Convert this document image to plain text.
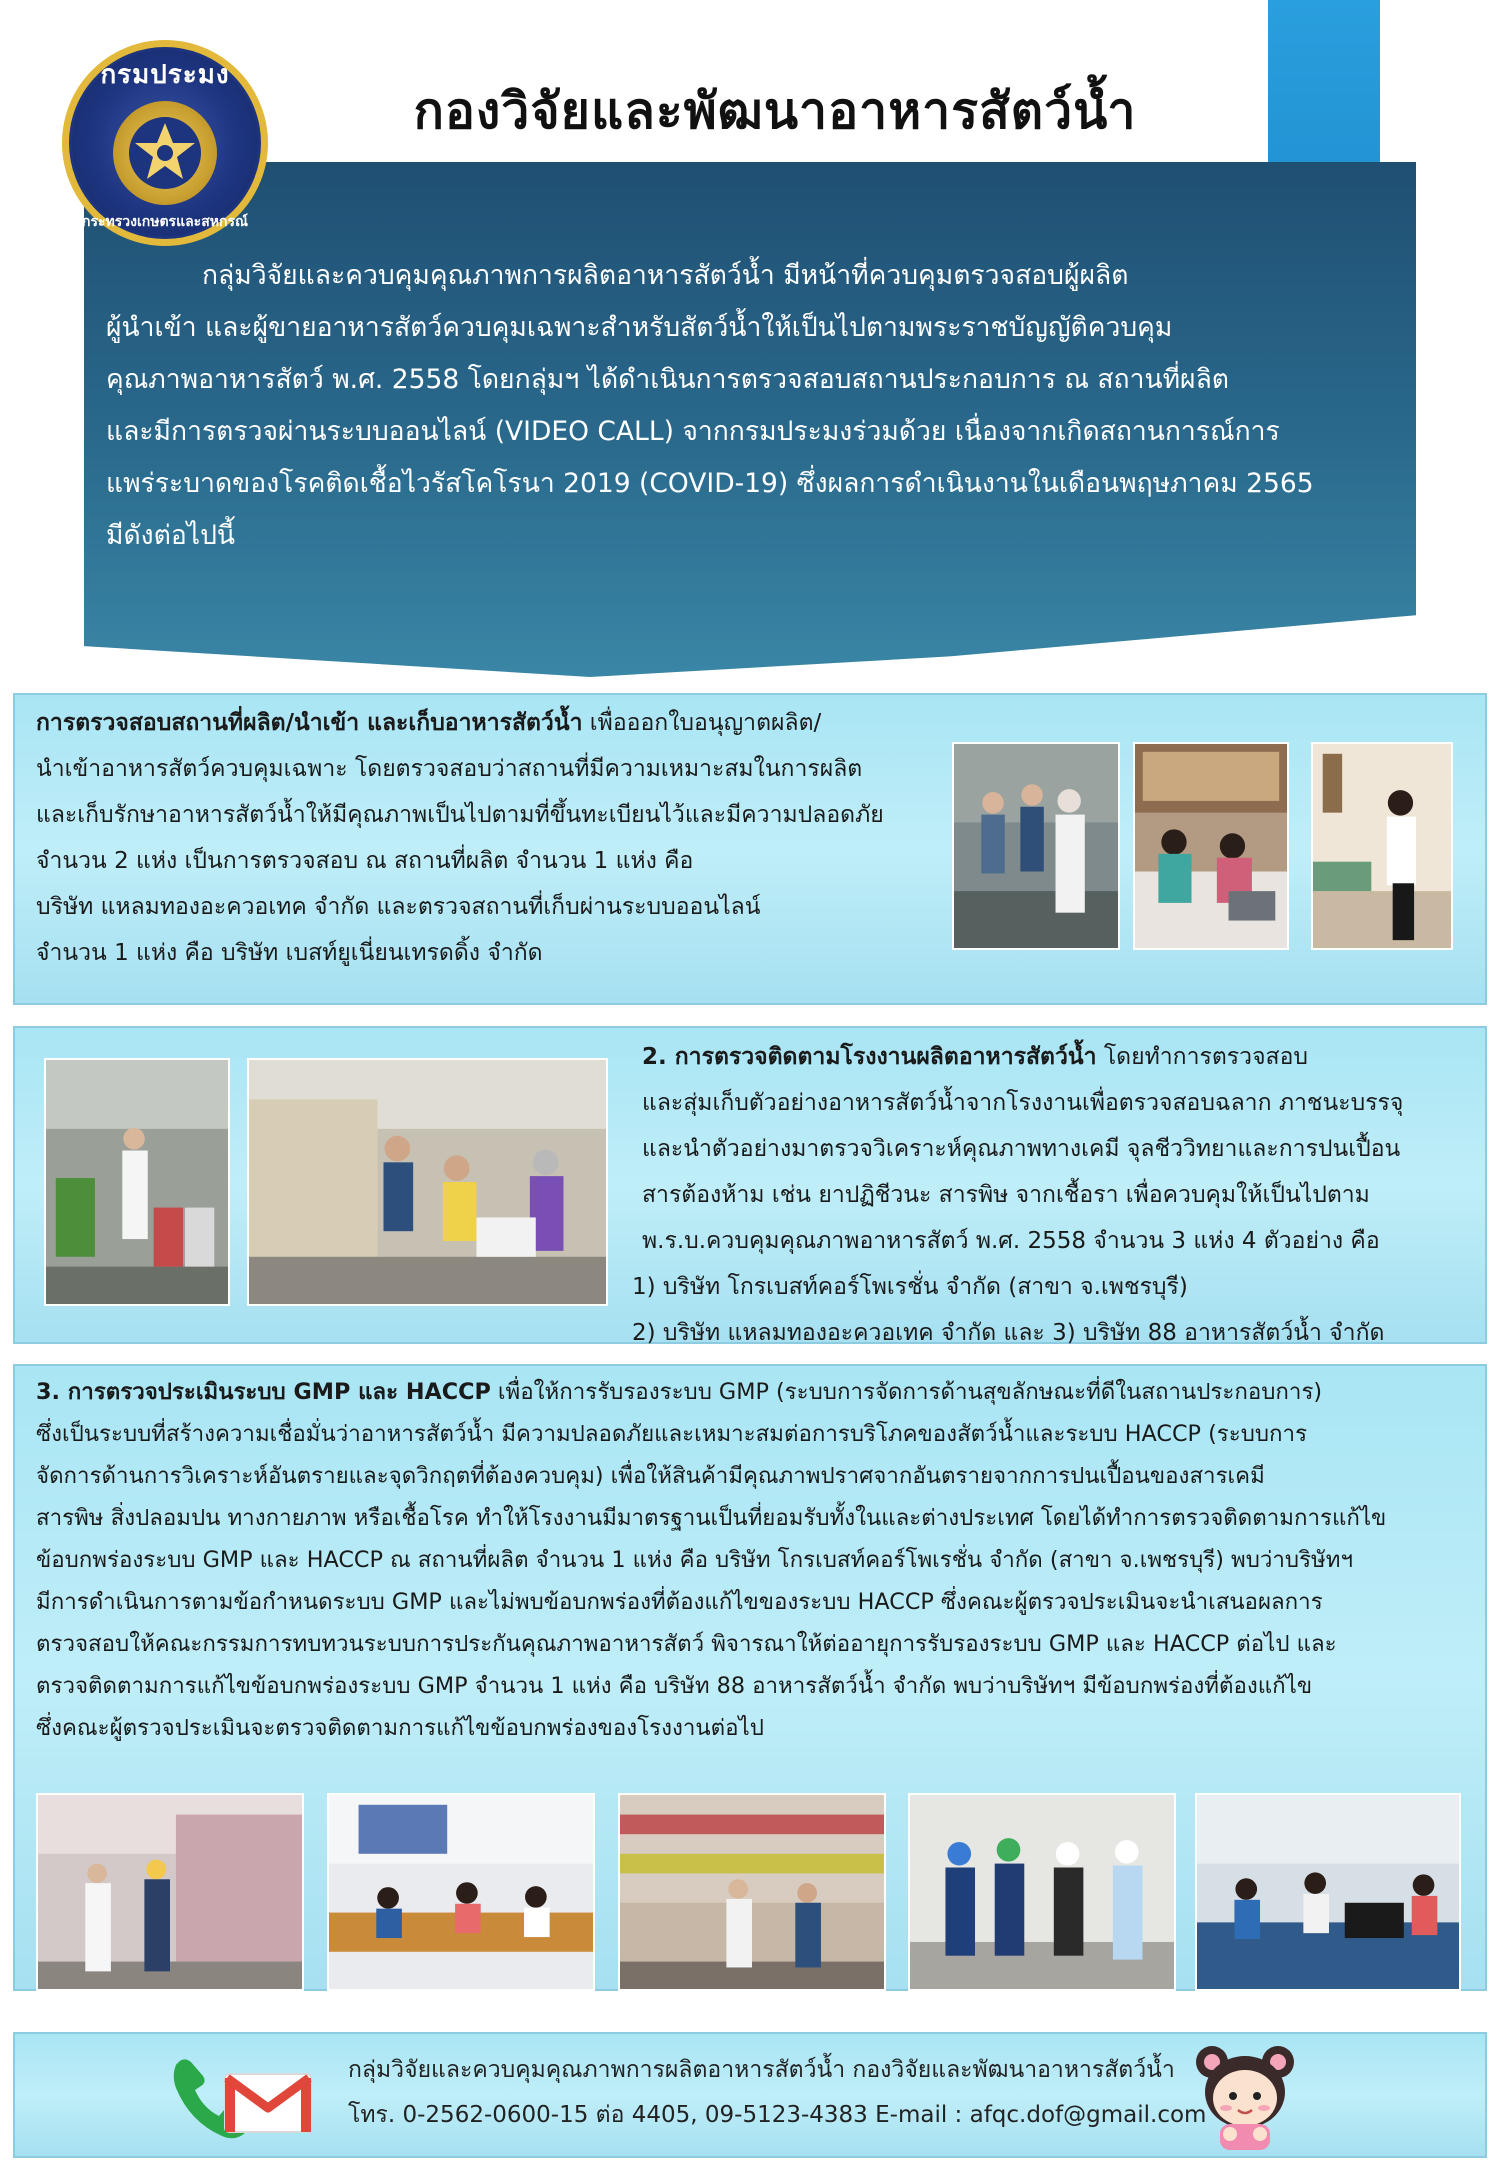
กรมประมง
กระทรวงเกษตรและสหกรณ์
กองวิจัยและพัฒนาอาหารสัตว์น้ำ
กลุ่มวิจัยและควบคุมคุณภาพการผลิตอาหารสัตว์น้ำ มีหน้าที่ควบคุมตรวจสอบผู้ผลิต
ผู้นำเข้า และผู้ขายอาหารสัตว์ควบคุมเฉพาะสำหรับสัตว์น้ำให้เป็นไปตามพระราชบัญญัติควบคุม
คุณภาพอาหารสัตว์ พ.ศ. 2558 โดยกลุ่มฯ ได้ดำเนินการตรวจสอบสถานประกอบการ ณ สถานที่ผลิต
และมีการตรวจผ่านระบบออนไลน์ (VIDEO CALL) จากกรมประมงร่วมด้วย เนื่องจากเกิดสถานการณ์การ
แพร่ระบาดของโรคติดเชื้อไวรัสโคโรนา 2019 (COVID-19) ซึ่งผลการดำเนินงานในเดือนพฤษภาคม 2565
มีดังต่อไปนี้
การตรวจสอบสถานที่ผลิต/นำเข้า และเก็บอาหารสัตว์น้ำ เพื่อออกใบอนุญาตผลิต/
นำเข้าอาหารสัตว์ควบคุมเฉพาะ โดยตรวจสอบว่าสถานที่มีความเหมาะสมในการผลิต
และเก็บรักษาอาหารสัตว์น้ำให้มีคุณภาพเป็นไปตามที่ขึ้นทะเบียนไว้และมีความปลอดภัย
จำนวน 2 แห่ง เป็นการตรวจสอบ ณ สถานที่ผลิต จำนวน 1 แห่ง คือ
บริษัท แหลมทองอะควอเทค จำกัด และตรวจสถานที่เก็บผ่านระบบออนไลน์
จำนวน 1 แห่ง คือ บริษัท เบสท์ยูเนี่ยนเทรดดิ้ง จำกัด
2. การตรวจติดตามโรงงานผลิตอาหารสัตว์น้ำ โดยทำการตรวจสอบ
และสุ่มเก็บตัวอย่างอาหารสัตว์น้ำจากโรงงานเพื่อตรวจสอบฉลาก ภาชนะบรรจุ
และนำตัวอย่างมาตรวจวิเคราะห์คุณภาพทางเคมี จุลชีววิทยาและการปนเปื้อน
สารต้องห้าม เช่น ยาปฏิชีวนะ สารพิษ จากเชื้อรา เพื่อควบคุมให้เป็นไปตาม
พ.ร.บ.ควบคุมคุณภาพอาหารสัตว์ พ.ศ. 2558 จำนวน 3 แห่ง 4 ตัวอย่าง คือ
1) บริษัท โกรเบสท์คอร์โพเรชั่น จำกัด (สาขา จ.เพชรบุรี)
2) บริษัท แหลมทองอะควอเทค จำกัด และ 3) บริษัท 88 อาหารสัตว์น้ำ จำกัด
3. การตรวจประเมินระบบ GMP และ HACCP เพื่อให้การรับรองระบบ GMP (ระบบการจัดการด้านสุขลักษณะที่ดีในสถานประกอบการ)
ซึ่งเป็นระบบที่สร้างความเชื่อมั่นว่าอาหารสัตว์น้ำ มีความปลอดภัยและเหมาะสมต่อการบริโภคของสัตว์น้ำและระบบ HACCP (ระบบการ
จัดการด้านการวิเคราะห์อันตรายและจุดวิกฤตที่ต้องควบคุม) เพื่อให้สินค้ามีคุณภาพปราศจากอันตรายจากการปนเปื้อนของสารเคมี
สารพิษ สิ่งปลอมปน ทางกายภาพ หรือเชื้อโรค ทำให้โรงงานมีมาตรฐานเป็นที่ยอมรับทั้งในและต่างประเทศ โดยได้ทำการตรวจติดตามการแก้ไข
ข้อบกพร่องระบบ GMP และ HACCP ณ สถานที่ผลิต จำนวน 1 แห่ง คือ บริษัท โกรเบสท์คอร์โพเรชั่น จำกัด (สาขา จ.เพชรบุรี) พบว่าบริษัทฯ
มีการดำเนินการตามข้อกำหนดระบบ GMP และไม่พบข้อบกพร่องที่ต้องแก้ไขของระบบ HACCP ซึ่งคณะผู้ตรวจประเมินจะนำเสนอผลการ
ตรวจสอบให้คณะกรรมการทบทวนระบบการประกันคุณภาพอาหารสัตว์ พิจารณาให้ต่ออายุการรับรองระบบ GMP และ HACCP ต่อไป และ
ตรวจติดตามการแก้ไขข้อบกพร่องระบบ GMP จำนวน 1 แห่ง คือ บริษัท 88 อาหารสัตว์น้ำ จำกัด พบว่าบริษัทฯ มีข้อบกพร่องที่ต้องแก้ไข
ซึ่งคณะผู้ตรวจประเมินจะตรวจติดตามการแก้ไขข้อบกพร่องของโรงงานต่อไป
กลุ่มวิจัยและควบคุมคุณภาพการผลิตอาหารสัตว์น้ำ กองวิจัยและพัฒนาอาหารสัตว์น้ำ
โทร. 0-2562-0600-15 ต่อ 4405, 09-5123-4383 E-mail : afqc.dof@gmail.com
